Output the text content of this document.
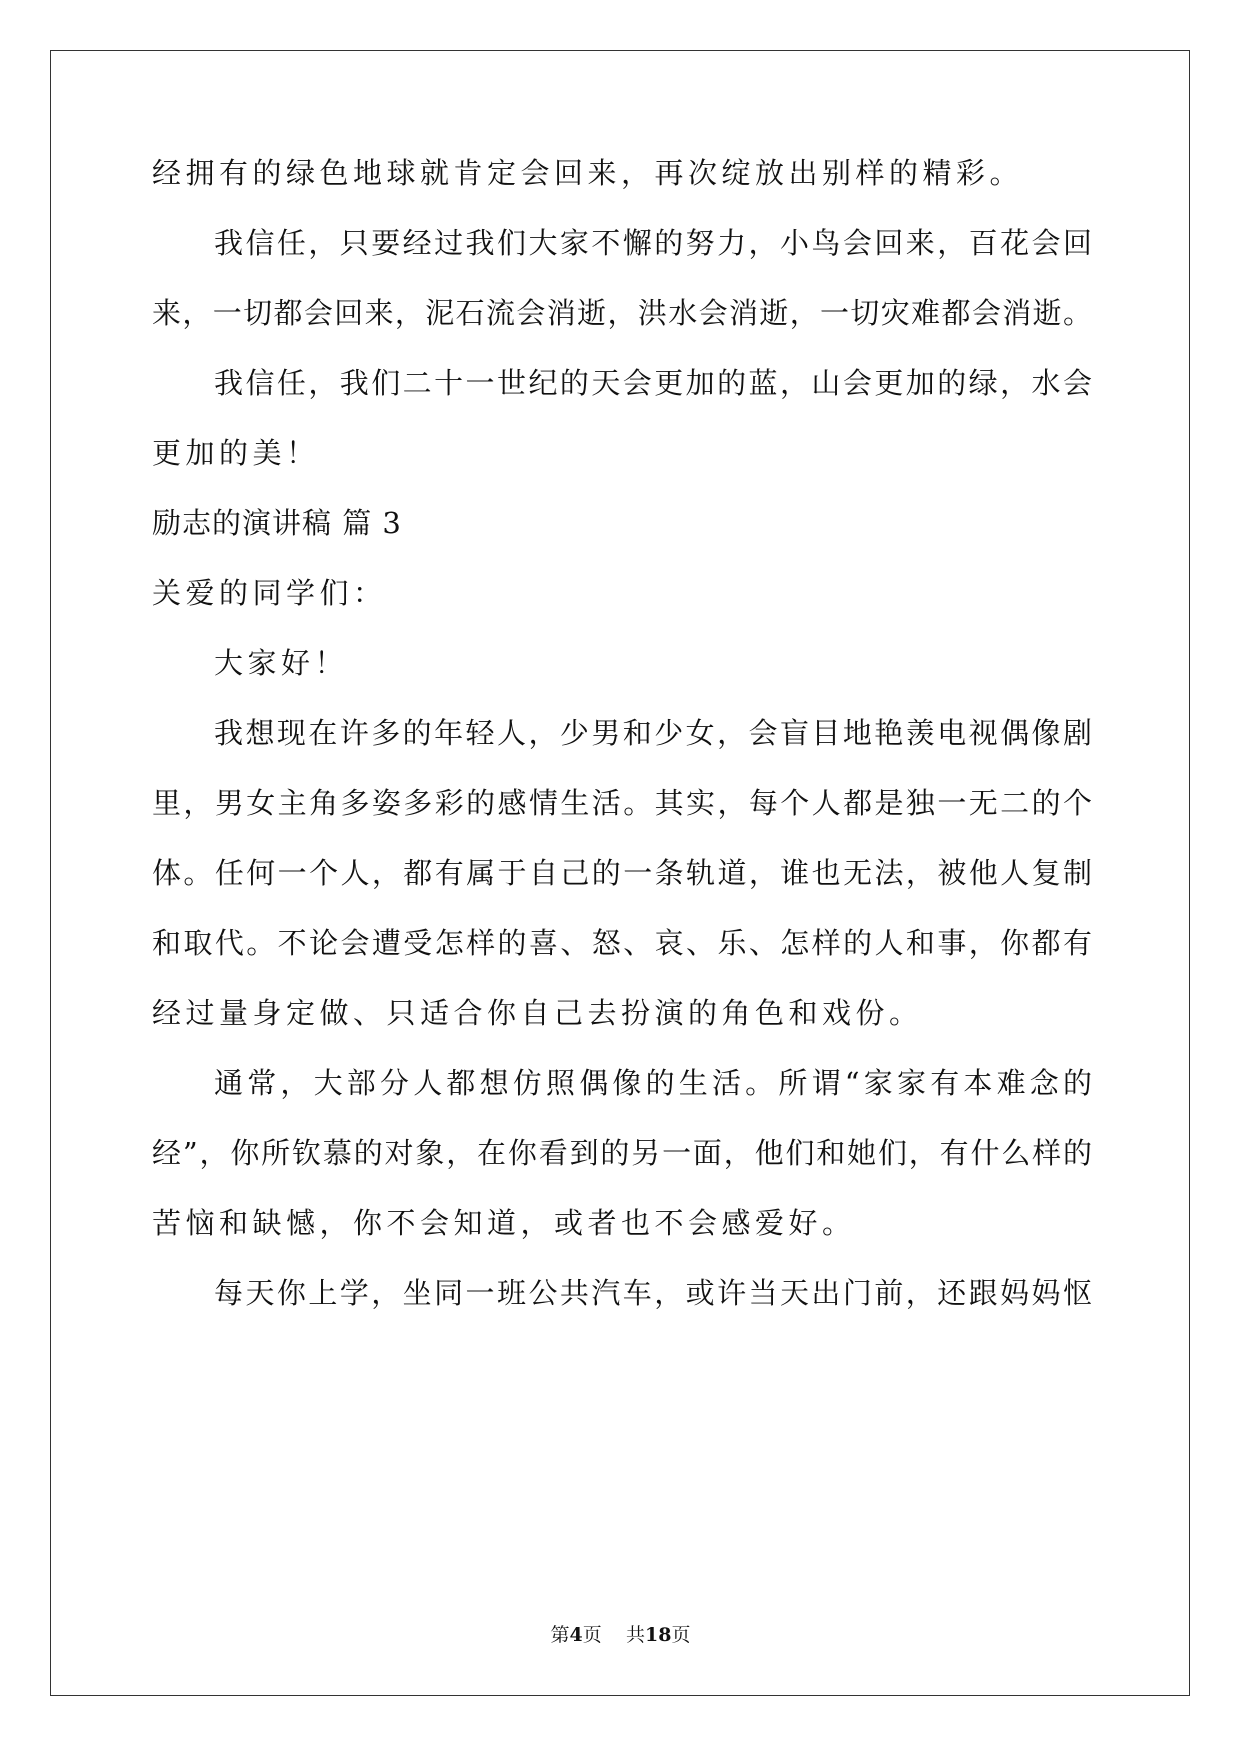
经拥有的绿色地球就肯定会回来，再次绽放出别样的精彩。
我信任，只要经过我们大家不懈的努力，小鸟会回来，百花会回
来，一切都会回来，泥石流会消逝，洪水会消逝，一切灾难都会消逝。
我信任，我们二十一世纪的天会更加的蓝，山会更加的绿，水会
更加的美！
励志的演讲稿 篇 3
关爱的同学们：
大家好！
我想现在许多的年轻人，少男和少女，会盲目地艳羡电视偶像剧
里，男女主角多姿多彩的感情生活。其实，每个人都是独一无二的个
体。任何一个人，都有属于自己的一条轨道，谁也无法，被他人复制
和取代。不论会遭受怎样的喜、怒、哀、乐、怎样的人和事，你都有
经过量身定做、只适合你自己去扮演的角色和戏份。
通常，大部分人都想仿照偶像的生活。所谓“家家有本难念的
经”，你所钦慕的对象，在你看到的另一面，他们和她们，有什么样的
苦恼和缺憾，你不会知道，或者也不会感爱好。
每天你上学，坐同一班公共汽车，或许当天出门前，还跟妈妈怄
第4页 共18页
